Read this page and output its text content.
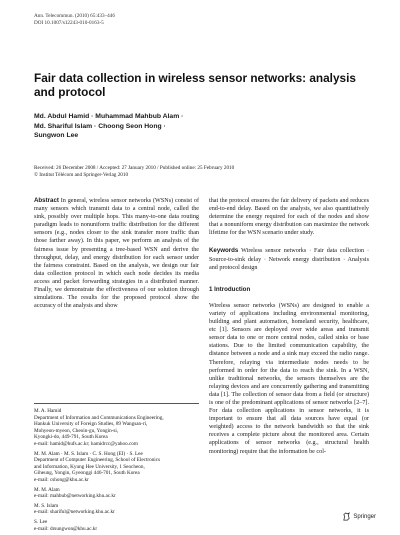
Ann. Telecommun. (2010) 65:433–446
DOI 10.1007/s12243-010-0163-5
Fair data collection in wireless sensor networks: analysis and protocol
Md. Abdul Hamid · Muhammad Mahbub Alam ·
Md. Shariful Islam · Choong Seon Hong ·
Sungwon Lee
Received: 26 December 2008 / Accepted: 27 January 2010 / Published online: 25 February 2010
© Institut Télécom and Springer-Verlag 2010

Abstract In general, wireless sensor networks (WSNs) consist of many sensors which transmit data to a central node, called the sink, possibly over multiple hops. This many-to-one data routing paradigm leads to nonuniform traffic distribution for the different sensors (e.g., nodes closer to the sink transfer more traffic than those farther away). In this paper, we perform an analysis of the fairness issue by presenting a tree-based WSN and derive the throughput, delay, and energy distribution for each sensor under the fairness constraint. Based on the analysis, we design our fair data collection protocol in which each node decides its media access and packet forwarding strategies in a distributed manner. Finally, we demonstrate the effectiveness of our solution through simulations. The results for the proposed protocol show the accuracy of the analysis and show

that the protocol ensures the fair delivery of packets and reduces end-to-end delay. Based on the analysis, we also quantitatively determine the energy required for each of the nodes and show that a nonuniform energy distribution can maximize the network lifetime for the WSN scenario under study.

Keywords Wireless sensor networks · Fair data collection · Source-to-sink delay · Network energy distribution · Analysis and protocol design

1 Introduction

Wireless sensor networks (WSNs) are designed to enable a variety of applications including environmental monitoring, building and plant automation, homeland security, healthcare, etc [1]. Sensors are deployed over wide areas and transmit sensor data to one or more central nodes, called sinks or base stations. Due to the limited communication capability, the distance between a node and a sink may exceed the radio range. Therefore, relaying via intermediate nodes needs to be performed in order for the data to reach the sink. In a WSN, unlike traditional networks, the sensors themselves are the relaying devices and are concurrently gathering and transmitting data [1]. The collection of sensor data from a field (or structure) is one of the predominant applications of sensor networks [2–7]. For data collection applications in sensor networks, it is important to ensure that all data sources have equal (or weighted) access to the network bandwidth so that the sink receives a complete picture about the monitored area. Certain applications of sensor networks (e.g., structural health monitoring) require that the information be col-

M. A. Hamid
Department of Information and Communications Engineering,
Hankuk University of Foreign Studies, 89 Wangsan-ri,
Mohyeon-myeon, Cheoin-gu, Yongin-si,
Kyongki-do, 449-791, South Korea
e-mail: hamid@hufs.ac.kr; hamidrcc@yahoo.com

M. M. Alam · M. S. Islam · C. S. Hong (EI) · S. Lee
Department of Computer Engineering, School of Electronics
and Information, Kyung Hee University, 1 Seocheon,
Giheung, Yongin, Gyeonggi 446-701, South Korea
e-mail: cshong@khu.ac.kr

M. M. Alam
e-mail: mahbub@networking.khu.ac.kr

M. S. Islam
e-mail: shariful@networking.khu.ac.kr

S. Lee
e-mail: drsungwon@khu.ac.kr

Springer
